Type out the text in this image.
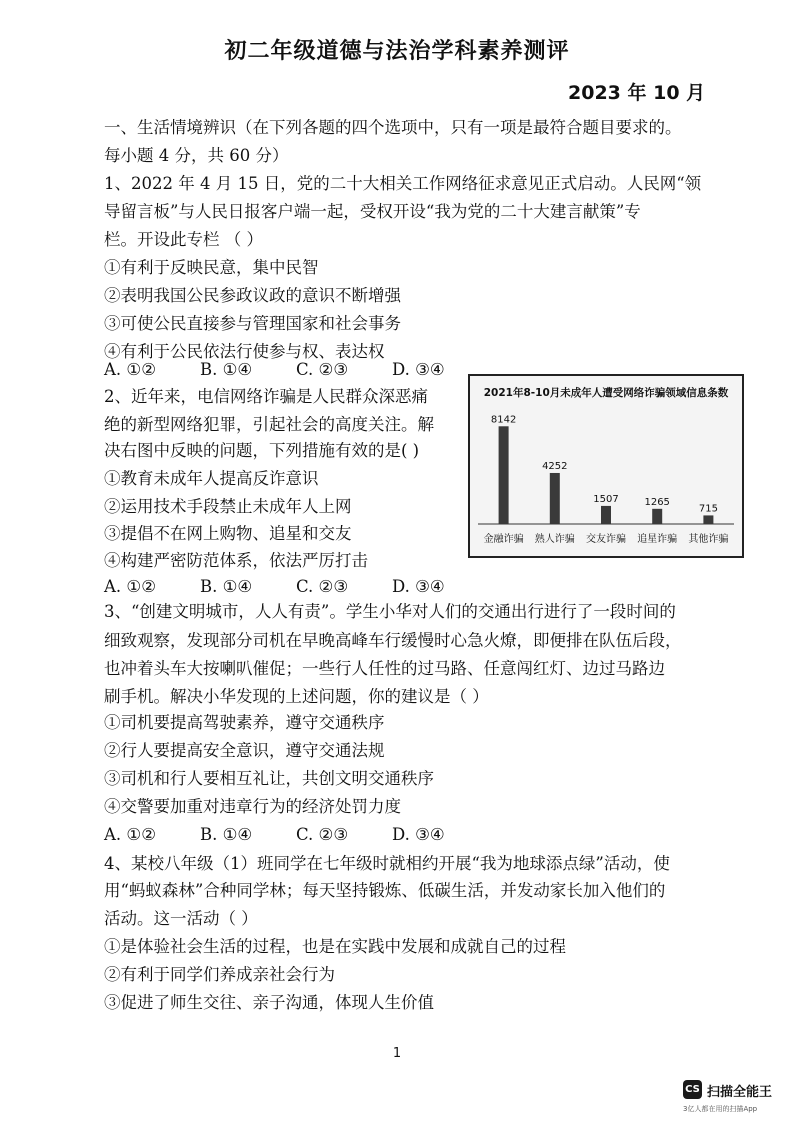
初二年级道德与法治学科素养测评
2023 年 10 月
一、生活情境辨识（在下列各题的四个选项中，只有一项是最符合题目要求的。
每小题 4 分，共 60 分）
1、2022 年 4 月 15 日，党的二十大相关工作网络征求意见正式启动。人民网“领
导留言板”与人民日报客户端一起，受权开设“我为党的二十大建言献策”专
栏。开设此专栏 （ ）
①有利于反映民意，集中民智
②表明我国公民参政议政的意识不断增强
③可使公民直接参与管理国家和社会事务
④有利于公民依法行使参与权、表达权
A. ①②	B. ①④	C. ②③	D. ③④
2、近年来，电信网络诈骗是人民群众深恶痛
绝的新型网络犯罪，引起社会的高度关注。解
决右图中反映的问题，下列措施有效的是( )
①教育未成年人提高反诈意识
②运用技术手段禁止未成年人上网
③提倡不在网上购物、追星和交友
④构建严密防范体系，依法严厉打击
A. ①②	B. ①④	C. ②③	D. ③④
2021年8-10月未成年人遭受网络诈骗领域信息条数
8142
金融诈骗
4252
熟人诈骗
1507
交友诈骗
1265
追星诈骗
715
其他诈骗
3、“创建文明城市，人人有责”。学生小华对人们的交通出行进行了一段时间的
细致观察，发现部分司机在早晚高峰车行缓慢时心急火燎，即便排在队伍后段，
也冲着头车大按喇叭催促；一些行人任性的过马路、任意闯红灯、边过马路边
刷手机。解决小华发现的上述问题，你的建议是（ ）
①司机要提高驾驶素养，遵守交通秩序
②行人要提高安全意识，遵守交通法规
③司机和行人要相互礼让，共创文明交通秩序
④交警要加重对违章行为的经济处罚力度
A. ①②	B. ①④	C. ②③	D. ③④
4、某校八年级（1）班同学在七年级时就相约开展“我为地球添点绿”活动，使
用“蚂蚁森林”合种同学林；每天坚持锻炼、低碳生活，并发动家长加入他们的
活动。这一活动（ ）
①是体验社会生活的过程，也是在实践中发展和成就自己的过程
②有利于同学们养成亲社会行为
③促进了师生交往、亲子沟通，体现人生价值
1
CS 扫描全能王
3亿人都在用的扫描App
